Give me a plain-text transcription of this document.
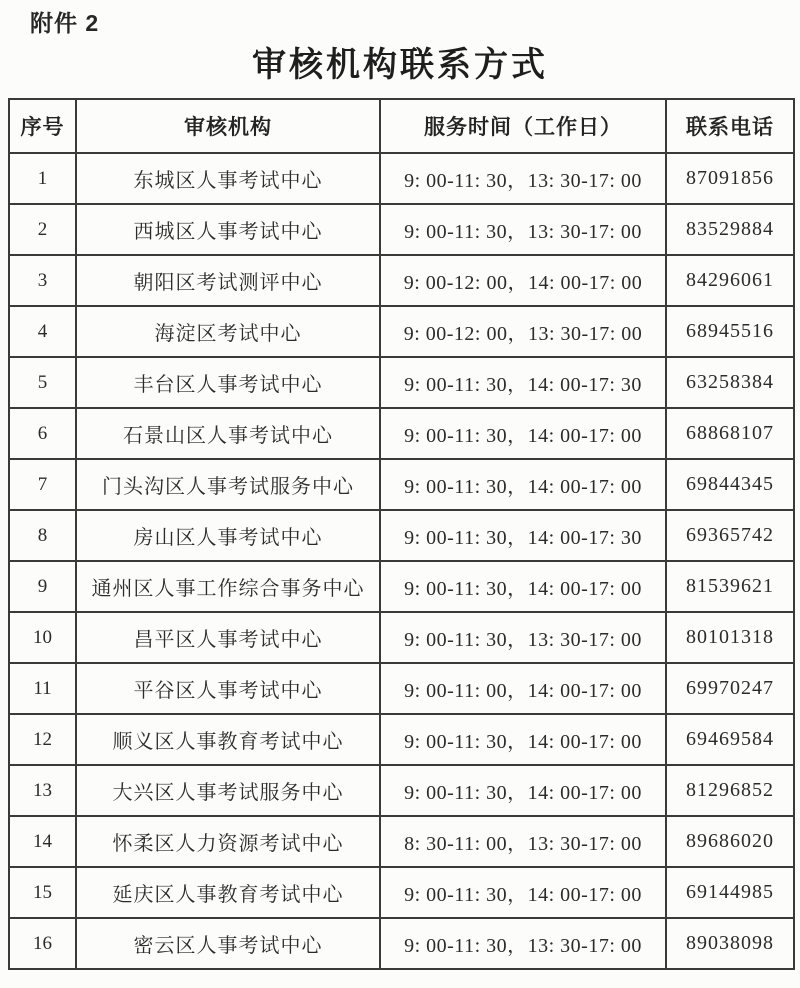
附件 2
审核机构联系方式
序号	审核机构	服务时间（工作日）	联系电话
1	东城区人事考试中心	9: 00-11: 30，13: 30-17: 00	87091856
2	西城区人事考试中心	9: 00-11: 30，13: 30-17: 00	83529884
3	朝阳区考试测评中心	9: 00-12: 00，14: 00-17: 00	84296061
4	海淀区考试中心	9: 00-12: 00，13: 30-17: 00	68945516
5	丰台区人事考试中心	9: 00-11: 30，14: 00-17: 30	63258384
6	石景山区人事考试中心	9: 00-11: 30，14: 00-17: 00	68868107
7	门头沟区人事考试服务中心	9: 00-11: 30，14: 00-17: 00	69844345
8	房山区人事考试中心	9: 00-11: 30，14: 00-17: 30	69365742
9	通州区人事工作综合事务中心	9: 00-11: 30，14: 00-17: 00	81539621
10	昌平区人事考试中心	9: 00-11: 30，13: 30-17: 00	80101318
11	平谷区人事考试中心	9: 00-11: 00，14: 00-17: 00	69970247
12	顺义区人事教育考试中心	9: 00-11: 30，14: 00-17: 00	69469584
13	大兴区人事考试服务中心	9: 00-11: 30，14: 00-17: 00	81296852
14	怀柔区人力资源考试中心	8: 30-11: 00，13: 30-17: 00	89686020
15	延庆区人事教育考试中心	9: 00-11: 30，14: 00-17: 00	69144985
16	密云区人事考试中心	9: 00-11: 30，13: 30-17: 00	89038098
